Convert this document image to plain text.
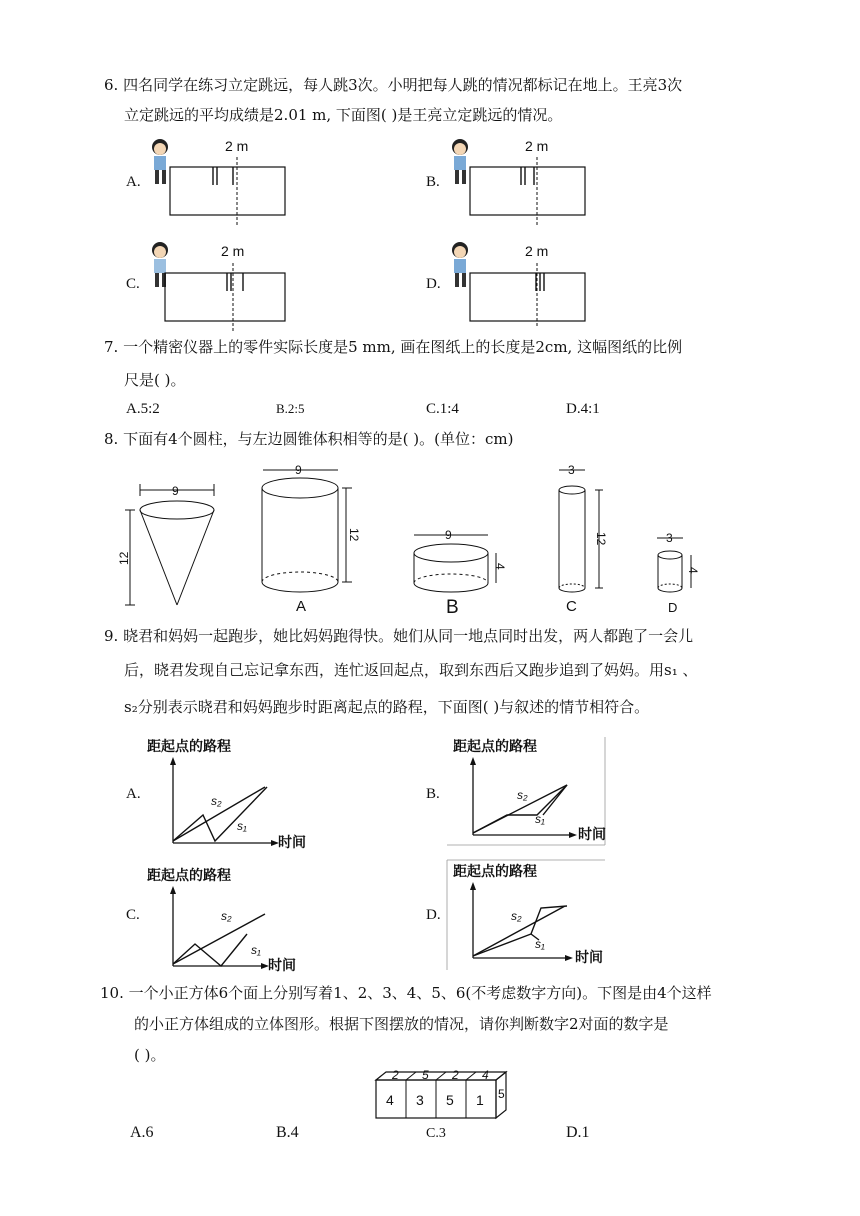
6. 四名同学在练习立定跳远，每人跳3次。小明把每人跳的情况都标记在地上。王亮3次
立定跳远的平均成绩是2.01 m, 下面图( )是王亮立定跳远的情况。
A.	B.
C.	D.
2 m	2 m
2 m	2 m
7. 一个精密仪器上的零件实际长度是5 mm, 画在图纸上的长度是2cm, 这幅图纸的比例
尺是( )。
A.5:2	B.2:5	C.1:4	D.4:1
8. 下面有4个圆柱，与左边圆锥体积相等的是( )。(单位：cm)
9
12
9
12
A
9
4
B
3
12
C
3
4
D
9. 晓君和妈妈一起跑步，她比妈妈跑得快。她们从同一地点同时出发，两人都跑了一会儿
后，晓君发现自己忘记拿东西，连忙返回起点，取到东西后又跑步追到了妈妈。用s₁ 、
s₂分别表示晓君和妈妈跑步时距离起点的路程，下面图( )与叙述的情节相符合。
A.	B.
C.	D.
距起点的路程
时间
s₂
s₁
距起点的路程
时间
s₂
s₁
距起点的路程
时间
s₂
s₁
距起点的路程
时间
s₂
s₁
10. 一个小正方体6个面上分别写着1、2、3、4、5、6(不考虑数字方向)。下图是由4个这样
的小正方体组成的立体图形。根据下图摆放的情况，请你判断数字2对面的数字是
( )。
2 5 2 4
4 3 5 1 5
A.6	B.4	C.3	D.1
